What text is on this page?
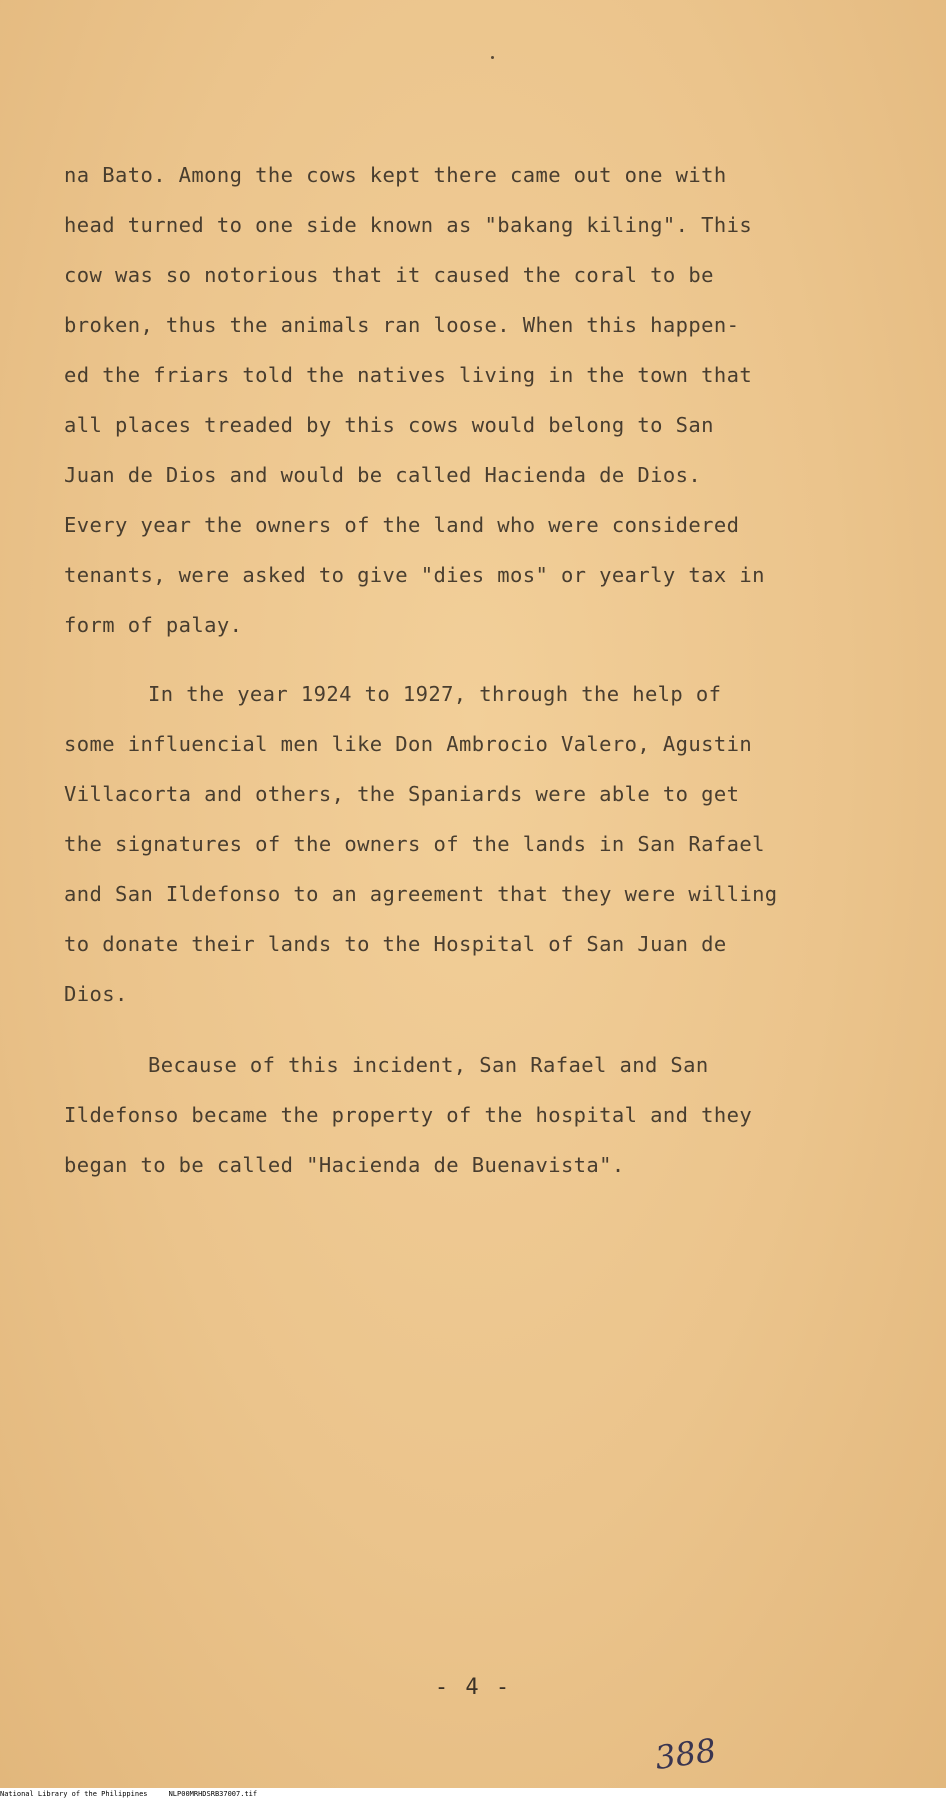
na Bato. Among the cows kept there came out one with
head turned to one side known as "bakang kiling". This
cow was so notorious that it caused the coral to be
broken, thus the animals ran loose. When this happen-
ed the friars told the natives living in the town that
all places treaded by this cows would belong to San
Juan de Dios and would be called Hacienda de Dios.
Every year the owners of the land who were considered
tenants, were asked to give "dies mos" or yearly tax in
form of palay.
In the year 1924 to 1927, through the help of
some influencial men like Don Ambrocio Valero, Agustin
Villacorta and others, the Spaniards were able to get
the signatures of the owners of the lands in San Rafael
and San Ildefonso to an agreement that they were willing
to donate their lands to the Hospital of San Juan de
Dios.
Because of this incident, San Rafael and San
Ildefonso became the property of the hospital and they
began to be called "Hacienda de Buenavista".
- 4 -
388
National Library of the Philippines	NLP00MRHDSRB37007.tif
